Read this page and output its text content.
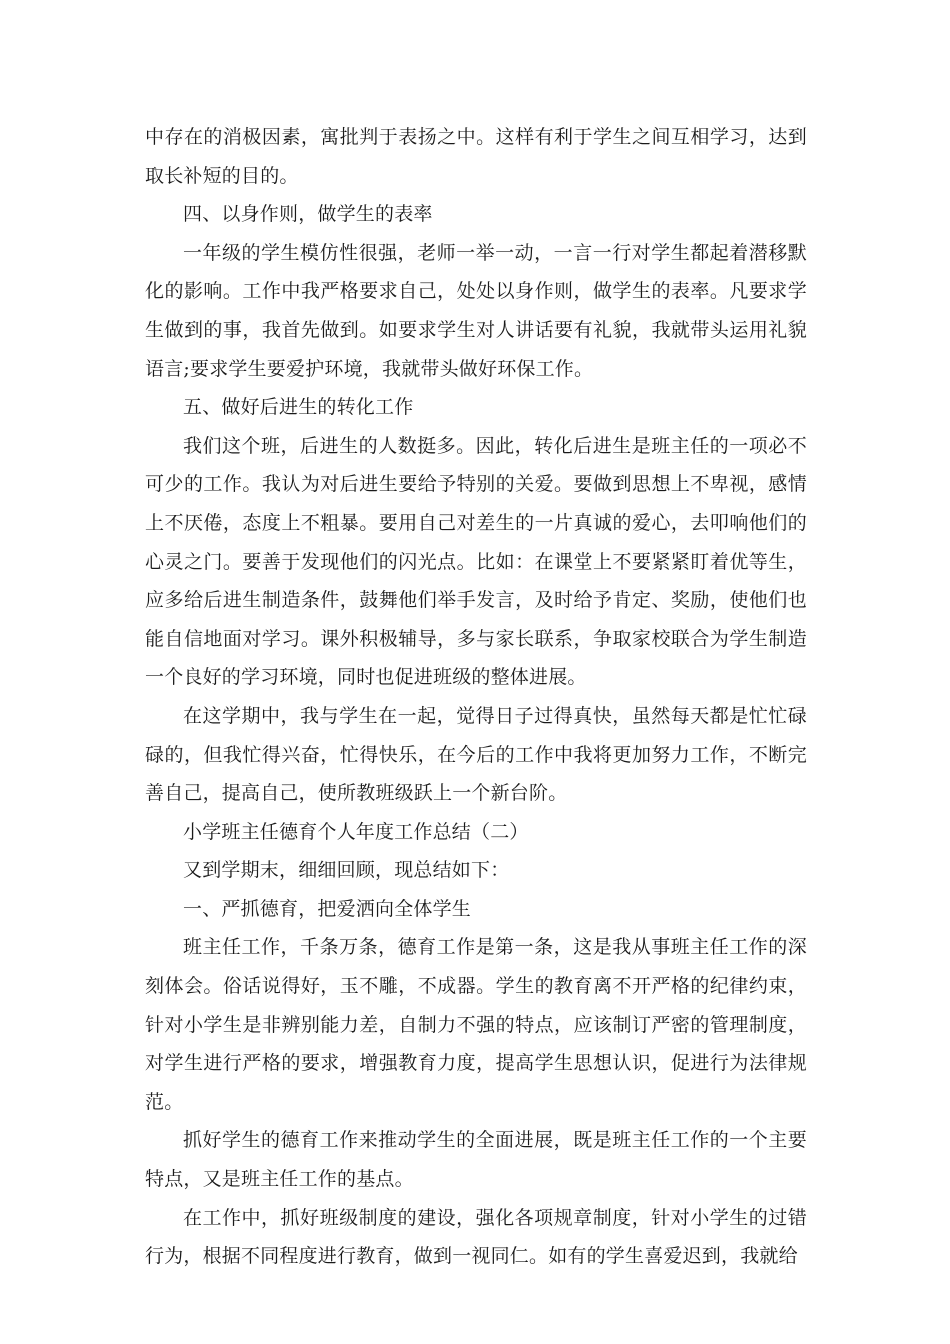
中存在的消极因素，寓批判于表扬之中。这样有利于学生之间互相学习，达到取长补短的目的。

四、以身作则，做学生的表率

一年级的学生模仿性很强，老师一举一动，一言一行对学生都起着潜移默化的影响。工作中我严格要求自己，处处以身作则，做学生的表率。凡要求学生做到的事，我首先做到。如要求学生对人讲话要有礼貌，我就带头运用礼貌语言;要求学生要爱护环境，我就带头做好环保工作。

五、做好后进生的转化工作

我们这个班，后进生的人数挺多。因此，转化后进生是班主任的一项必不可少的工作。我认为对后进生要给予特别的关爱。要做到思想上不卑视，感情上不厌倦，态度上不粗暴。要用自己对差生的一片真诚的爱心，去叩响他们的心灵之门。要善于发现他们的闪光点。比如：在课堂上不要紧紧盯着优等生，应多给后进生制造条件，鼓舞他们举手发言，及时给予肯定、奖励，使他们也能自信地面对学习。课外积极辅导，多与家长联系，争取家校联合为学生制造一个良好的学习环境，同时也促进班级的整体进展。

在这学期中，我与学生在一起，觉得日子过得真快，虽然每天都是忙忙碌碌的，但我忙得兴奋，忙得快乐，在今后的工作中我将更加努力工作，不断完善自己，提高自己，使所教班级跃上一个新台阶。

小学班主任德育个人年度工作总结（二）

又到学期末，细细回顾，现总结如下：

一、严抓德育，把爱洒向全体学生

班主任工作，千条万条，德育工作是第一条，这是我从事班主任工作的深刻体会。俗话说得好，玉不雕，不成器。学生的教育离不开严格的纪律约束，针对小学生是非辨别能力差，自制力不强的特点，应该制订严密的管理制度，对学生进行严格的要求，增强教育力度，提高学生思想认识，促进行为法律规范。

抓好学生的德育工作来推动学生的全面进展，既是班主任工作的一个主要特点，又是班主任工作的基点。

在工作中，抓好班级制度的建设，强化各项规章制度，针对小学生的过错行为，根据不同程度进行教育，做到一视同仁。如有的学生喜爱迟到，我就给
